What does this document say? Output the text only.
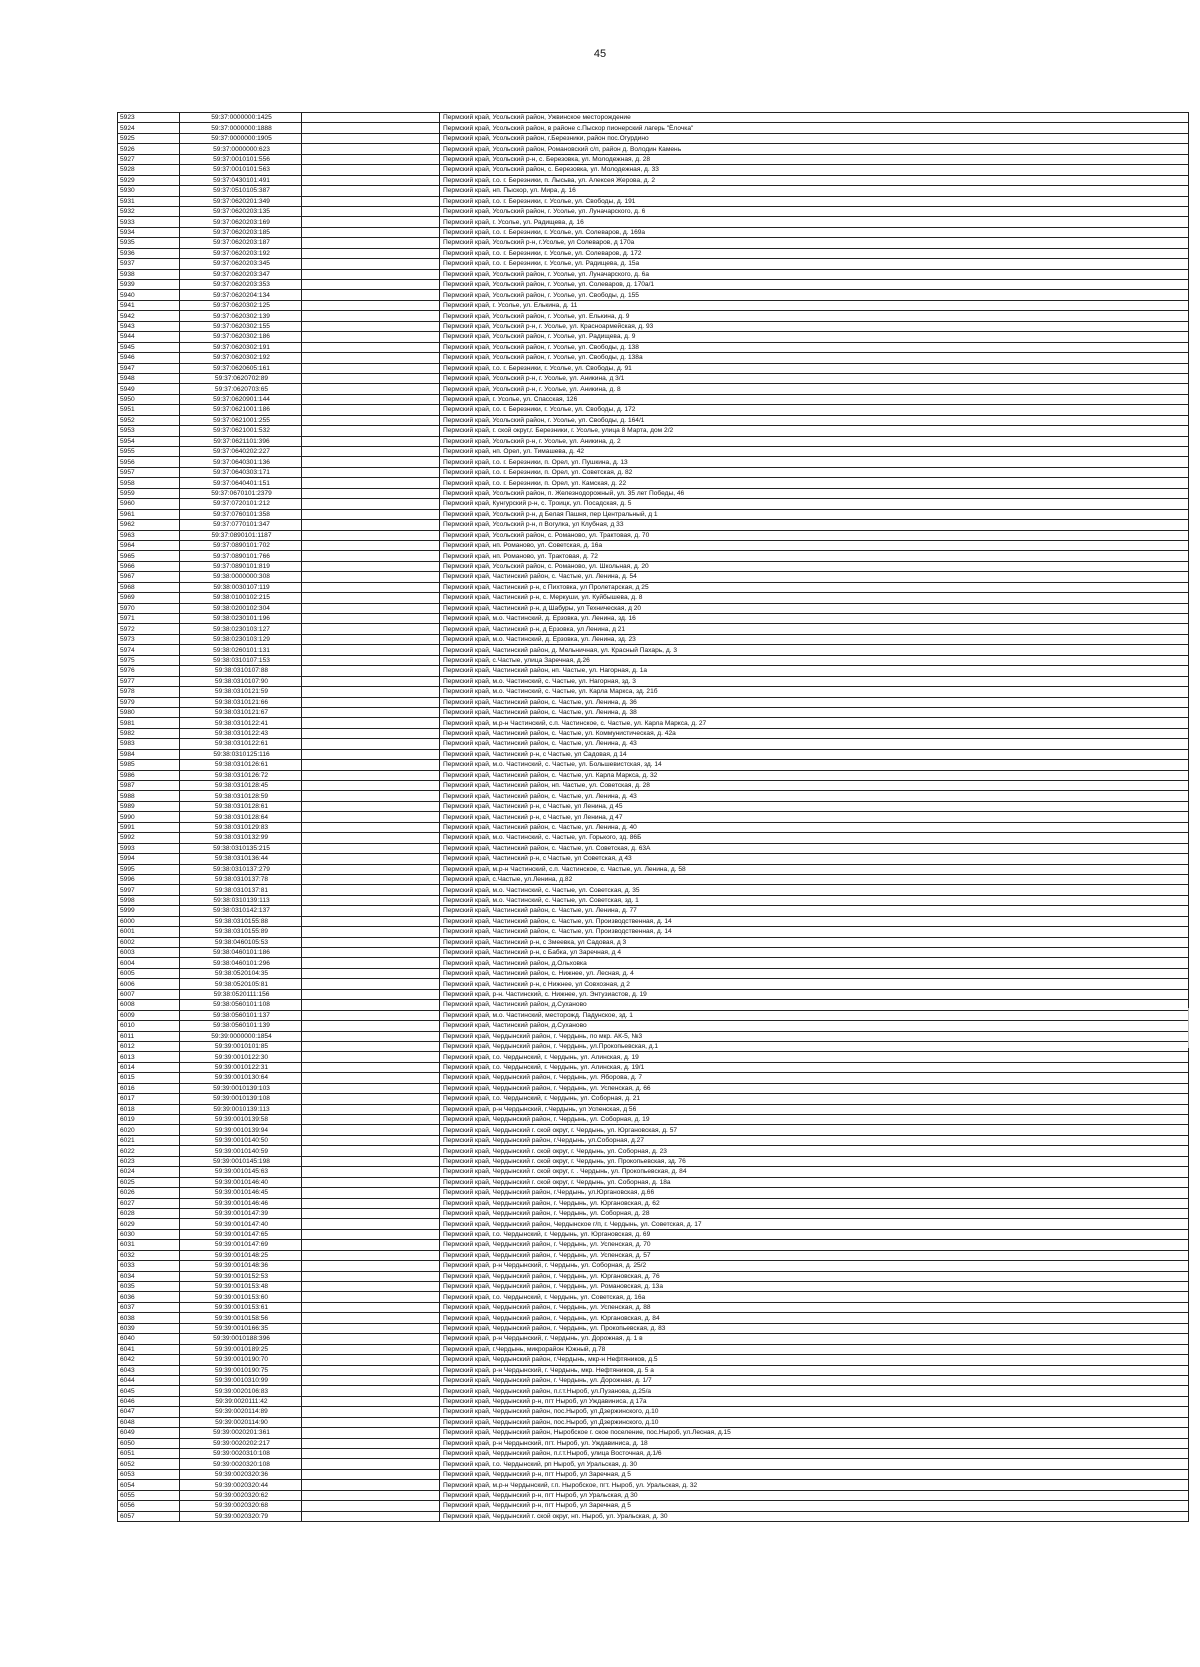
45
5923	59:37:0000000:1425		Пермский край, Усольский район, Ужвинское месторождение
5924	59:37:0000000:1888		Пермский край, Усольский район, в районе с.Пыскор пионерский лагерь "Ёлочка"
5925	59:37:0000000:1905		Пермский край, Усольский район, г.Березники, район пос.Огурдино
5926	59:37:0000000:623		Пермский край, Усольский район, Романовский с/п, район д. Володин Камень
5927	59:37:0010101:556		Пермский край, Усольский р-н, с. Березовка, ул. Молодежная, д. 28
5928	59:37:0010101:563		Пермский край, Усольский район, с. Березовка, ул. Молодежная, д. 33
5929	59:37:0430101:491		Пермский край, г.о. г. Березники, п. Лысьва, ул. Алексея Жерова, д. 2
5930	59:37:0510105:387		Пермский край, нп. Пыскор, ул. Мира, д. 16
5931	59:37:0620201:349		Пермский край, г.о. г. Березники, г. Усолье, ул. Свободы, д. 191
5932	59:37:0620203:135		Пермский край, Усольский район, г. Усолье, ул. Луначарского, д. 6
5933	59:37:0620203:169		Пермский край, г. Усолье, ул. Радищева, д. 16
5934	59:37:0620203:185		Пермский край, г.о. г. Березники, г. Усолье, ул. Солеваров, д. 169а
5935	59:37:0620203:187		Пермский край, Усольский р-н, г.Усолье, ул Солеваров, д 170а
5936	59:37:0620203:192		Пермский край, г.о. г. Березники, г. Усолье, ул. Солеваров, д. 172
5937	59:37:0620203:345		Пермский край, г.о. г. Березники, г. Усолье, ул. Радищева, д. 15а
5938	59:37:0620203:347		Пермский край, Усольский район, г. Усолье, ул. Луначарского, д. 6а
5939	59:37:0620203:353		Пермский край, Усольский район, г. Усолье, ул. Солеваров, д. 170а/1
5940	59:37:0620204:134		Пермский край, Усольский район, г. Усолье, ул. Свободы, д. 155
5941	59:37:0620302:125		Пермский край, г. Усолье, ул. Елькина, д. 11
5942	59:37:0620302:139		Пермский край, Усольский район, г. Усолье, ул. Елькина, д. 9
5943	59:37:0620302:155		Пермский край, Усольский р-н, г. Усолье, ул. Красноармейская, д. 93
5944	59:37:0620302:186		Пермский край, Усольский район, г. Усолье, ул. Радищева, д. 9
5945	59:37:0620302:191		Пермский край, Усольский район, г. Усолье, ул. Свободы, д. 138
5946	59:37:0620302:192		Пермский край, Усольский район, г. Усолье, ул. Свободы, д. 138а
5947	59:37:0620605:161		Пермский край, г.о. г. Березники, г. Усолье, ул. Свободы, д. 91
5948	59:37:0620702:89		Пермский край, Усольский р-н, г. Усолье, ул. Аникина, д 3/1
5949	59:37:0620703:65		Пермский край, Усольский р-н, г. Усолье, ул. Аникина, д. 8
5950	59:37:0620901:144		Пермский край, г. Усолье, ул. Спасская, 126
5951	59:37:0621001:186		Пермский край, г.о. г. Березники, г. Усолье, ул. Свободы, д. 172
5952	59:37:0621001:255		Пермский край, Усольский район, г. Усолье, ул. Свободы, д. 164/1
5953	59:37:0621001:532		Пермский край, г. ской округ,г. Березники, г. Усолье, улица 8 Марта, дом 2/2
5954	59:37:0621101:396		Пермский край, Усольский р-н, г. Усолье, ул. Аникина, д. 2
5955	59:37:0640202:227		Пермский край, нп. Орел, ул. Тимашева, д. 42
5956	59:37:0640301:136		Пермский край, г.о. г. Березники, п. Орел, ул. Пушкина, д. 13
5957	59:37:0640303:171		Пермский край, г.о. г. Березники, п. Орел, ул. Советская, д. 82
5958	59:37:0640401:151		Пермский край, г.о. г. Березники, п. Орел, ул. Камская, д. 22
5959	59:37:0670101:2379		Пермский край, Усольский район, п. Железнодорожный, ул. 35 лет Победы, 46
5960	59:37:0720101:212		Пермский край, Кунгурский р-н, с. Троицк, ул. Посадская, д. 5
5961	59:37:0760101:358		Пермский край, Усольский р-н, д Белая Пашня, пер Центральный, д 1
5962	59:37:0770101:347		Пермский край, Усольский р-н, п Вогулка, ул Клубная, д 33
5963	59:37:0890101:1187		Пермский край, Усольский район, с. Романово, ул. Трактовая, д. 70
5964	59:37:0890101:702		Пермский край, нп. Романово, ул. Советская, д. 16а
5965	59:37:0890101:766		Пермский край, нп. Романово, ул. Трактовая, д. 72
5966	59:37:0890101:819		Пермский край, Усольский район, с. Романово, ул. Школьная, д. 20
5967	59:38:0000000:308		Пермский край, Частинский район, с. Частые, ул. Ленина, д. 54
5968	59:38:0030107:119		Пермский край, Частинский р-н, с Пихтовка, ул Пролетарская, д 25
5969	59:38:0100102:215		Пермский край, Частинский р-н, с. Меркуши, ул. Куйбышева, д. 8
5970	59:38:0200102:304		Пермский край, Частинский р-н, д Шабуры, ул Техническая, д 20
5971	59:38:0230101:196		Пермский край, м.о. Частинский, д. Ерзовка, ул. Ленина, зд. 16
5972	59:38:0230103:127		Пермский край, Частинский р-н, д Ерзовка, ул Ленина, д 21
5973	59:38:0230103:129		Пермский край, м.о. Частинский, д. Ерзовка, ул. Ленина, зд. 23
5974	59:38:0260101:131		Пермский край, Частинский район, д. Мельничная, ул. Красный Пахарь, д. 3
5975	59:38:0310107:153		Пермский край, с.Частые, улица Заречная, д.26
5976	59:38:0310107:88		Пермский край, Частинский район, нп. Частые, ул. Нагорная, д. 1а
5977	59:38:0310107:90		Пермский край, м.о. Частинский, с. Частые, ул. Нагорная, зд. 3
5978	59:38:0310121:59		Пермский край, м.о. Частинский, с. Частые, ул. Карла Маркса, зд. 21б
5979	59:38:0310121:66		Пермский край, Частинский район, с. Частые, ул. Ленина, д. 36
5980	59:38:0310121:67		Пермский край, Частинский район, с. Частые, ул. Ленина, д. 38
5981	59:38:0310122:41		Пермский край, м.р-н Частинский, с.п. Частинское, с. Частые, ул. Карла Маркса, д. 27
5982	59:38:0310122:43		Пермский край, Частинский район, с. Частые, ул. Коммунистическая, д. 42а
5983	59:38:0310122:61		Пермский край, Частинский район, с. Частые, ул. Ленина, д. 43
5984	59:38:0310125:116		Пермский край, Частинский р-н, с Частые, ул Садовая, д 14
5985	59:38:0310126:61		Пермский край, м.о. Частинский, с. Частые, ул. Большевистская, зд. 14
5986	59:38:0310126:72		Пермский край, Частинский район, с. Частые, ул. Карла Маркса, д. 32
5987	59:38:0310128:45		Пермский край, Частинский район, нп. Частые, ул. Советская, д. 28
5988	59:38:0310128:59		Пермский край, Частинский район, с. Частые, ул. Ленина, д. 43
5989	59:38:0310128:61		Пермский край, Частинский р-н, с Частые, ул Ленина, д 45
5990	59:38:0310128:64		Пермский край, Частинский р-н, с Частые, ул Ленина, д 47
5991	59:38:0310129:83		Пермский край, Частинский район, с. Частые, ул. Ленина, д. 40
5992	59:38:0310132:99		Пермский край, м.о. Частинский, с. Частые, ул. Горького, зд. 86Б
5993	59:38:0310135:215		Пермский край, Частинский район, с. Частые, ул. Советская, д. 63А
5994	59:38:0310136:44		Пермский край, Частинский р-н, с Частые, ул Советская, д 43
5995	59:38:0310137:279		Пермский край, м.р-н Частинский, с.п. Частинское, с. Частые, ул. Ленина, д. 58
5996	59:38:0310137:78		Пермский край, с.Частые, ул.Ленина, д.82
5997	59:38:0310137:81		Пермский край, м.о. Частинский, с. Частые, ул. Советская, д. 35
5998	59:38:0310139:113		Пермский край, м.о. Частинский, с. Частые, ул. Советская, зд. 1
5999	59:38:0310142:137		Пермский край, Частинский район, с. Частые, ул. Ленина, д. 77
6000	59:38:0310155:88		Пермский край, Частинский район, с. Частые, ул. Производственная, д. 14
6001	59:38:0310155:89		Пермский край, Частинский район, с. Частые, ул. Производственная, д. 14
6002	59:38:0460105:53		Пермский край, Частинский р-н, с Змеевка, ул Садовая, д 3
6003	59:38:0460101:186		Пермский край, Частинский р-н, с Бабка, ул Заречная, д 4
6004	59:38:0460101:296		Пермский край, Частинский район, д.Ольховка
6005	59:38:0520104:35		Пермский край, Частинский район, с. Нижнее, ул. Лесная, д. 4
6006	59:38:0520105:81		Пермский край, Частинский р-н, с Нижнее, ул Совхозная, д 2
6007	59:38:0520111:156		Пермский край, р-н. Частинский, с. Нижнее, ул. Энтузиастов, д. 19
6008	59:38:0560101:108		Пермский край, Частинский район, д.Суханово
6009	59:38:0560101:137		Пермский край, м.о. Частинский, месторожд. Падунское, зд. 1
6010	59:38:0560101:139		Пермский край, Частинский район, д.Суханово
6011	59:39:0000000:1854		Пермский край, Чердынский район, г. Чердынь, по мкр. АК-5, №3
6012	59:39:0010101:85		Пермский край, Чердынский район, г. Чердынь, ул.Прокопьевская, д.1
6013	59:39:0010122:30		Пермский край, г.о. Чердынский, г. Чердынь, ул. Алинская, д. 19
6014	59:39:0010122:31		Пермский край, г.о. Чердынский, г. Чердынь, ул. Алинская, д. 19/1
6015	59:39:0010130:64		Пермский край, Чердынский район, г. Чердынь, ул. Яборова, д. 7
6016	59:39:0010139:103		Пермский край, Чердынский район, г. Чердынь, ул. Успенская, д. 66
6017	59:39:0010139:108		Пермский край, г.о. Чердынский, г. Чердынь, ул. Соборная, д. 21
6018	59:39:0010139:113		Пермский край, р-н Чердынский, г.Чердынь, ул Успенская, д 56
6019	59:39:0010139:58		Пермский край, Чердынский район, г. Чердынь, ул. Соборная, д. 19
6020	59:39:0010139:94		Пермский край, Чердынский г. ской округ, г. Чердынь, ул. Юргановская, д. 57
6021	59:39:0010140:50		Пермский край, Чердынский район, г.Чердынь, ул.Соборная, д.27
6022	59:39:0010140:59		Пермский край, Чердынский г. ской округ, г. Чердынь, ул. Соборная, д. 23
6023	59:39:0010145:198		Пермский край, Чердынский г. ской округ, г. Чердынь, ул. Прокопьевская, зд. 76
6024	59:39:0010145:63		Пермский край, Чердынский г. ской округ, г. . Чердынь, ул. Прокопьевская, д. 84
6025	59:39:0010146:40		Пермский край, Чердынский г. ской округ, г. Чердынь, ул. Соборная, д. 18а
6026	59:39:0010146:45		Пермский край, Чердынский район, г.Чердынь, ул.Юргановская, д.66
6027	59:39:0010146:46		Пермский край, Чердынский район, г. Чердынь, ул. Юргановская, д. 62
6028	59:39:0010147:39		Пермский край, Чердынский район, г. Чердынь, ул. Соборная, д. 28
6029	59:39:0010147:40		Пермский край, Чердынский район, Чердынское г/п, г. Чердынь, ул. Советская, д. 17
6030	59:39:0010147:65		Пермский край, г.о. Чердынский, г. Чердынь, ул. Юргановская, д. 69
6031	59:39:0010147:69		Пермский край, Чердынский район, г. Чердынь, ул. Успенская, д. 70
6032	59:39:0010148:25		Пермский край, Чердынский район, г. Чердынь, ул. Успенская, д. 57
6033	59:39:0010148:36		Пермский край, р-н Чердынский, г. Чердынь, ул. Соборная, д. 25/2
6034	59:39:0010152:53		Пермский край, Чердынский район, г. Чердынь, ул. Юргановская, д. 76
6035	59:39:0010153:48		Пермский край, Чердынский район, г. Чердынь, ул. Романовская, д. 13а
6036	59:39:0010153:60		Пермский край, г.о. Чердынский, г. Чердынь, ул. Советская, д. 16а
6037	59:39:0010153:61		Пермский край, Чердынский район, г. Чердынь, ул. Успенская, д. 88
6038	59:39:0010158:56		Пермский край, Чердынский район, г. Чердынь, ул. Юргановская, д. 84
6039	59:39:0010166:35		Пермский край, Чердынский район, г. Чердынь, ул. Прокопьевская, д. 83
6040	59:39:0010188:396		Пермский край, р-н Чердынский, г. Чердынь, ул. Дорожная, д. 1 в
6041	59:39:0010189:25		Пермский край, г.Чердынь, микрорайон Южный, д.78
6042	59:39:0010190:70		Пермский край, Чердынский район, г.Чердынь, мкр-н Нефтяников, д.5
6043	59:39:0010190:75		Пермский край, р-н Чердынский, г. Чердынь, мкр. Нефтяников, д. 5 а
6044	59:39:0010310:99		Пермский край, Чердынский район, г. Чердынь, ул. Дорожная, д. 1/7
6045	59:39:0020106:83		Пермский край, Чердынский район, п.г.т.Ныроб, ул.Пузанова, д.25/а
6046	59:39:0020111:42		Пермский край, Чердынский р-н, пгт Ныроб, ул Уждавиниса, д 17а
6047	59:39:0020114:89		Пермский край, Чердынский район, пос.Ныроб, ул.Дзержинского, д.10
6048	59:39:0020114:90		Пермский край, Чердынский район, пос.Ныроб, ул.Дзержинского, д.10
6049	59:39:0020201:361		Пермский край, Чердынский район, Ныробское г. ское поселение, пос.Ныроб, ул.Лесная, д.15
6050	59:39:0020202:217		Пермский край, р-н Чердынский, пгт. Ныроб, ул. Уждавиниса, д. 18
6051	59:39:0020310:108		Пермский край, Чердынский район, п.г.т.Ныроб, улица Восточная, д.1/6
6052	59:39:0020320:108		Пермский край, г.о. Чердынский, рп Ныроб, ул Уральская, д. 30
6053	59:39:0020320:36		Пермский край, Чердынский р-н, пгт Ныроб, ул Заречная, д 5
6054	59:39:0020320:44		Пермский край, м.р-н Чердынский, г.п. Ныробское, пгт. Ныроб, ул. Уральская, д. 32
6055	59:39:0020320:62		Пермский край, Чердынский р-н, пгт Ныроб, ул Уральская, д 30
6056	59:39:0020320:68		Пермский край, Чердынский р-н, пгт Ныроб, ул Заречная, д 5
6057	59:39:0020320:79		Пермский край, Чердынский г. ской округ, нп. Ныроб, ул. Уральская, д. 30
